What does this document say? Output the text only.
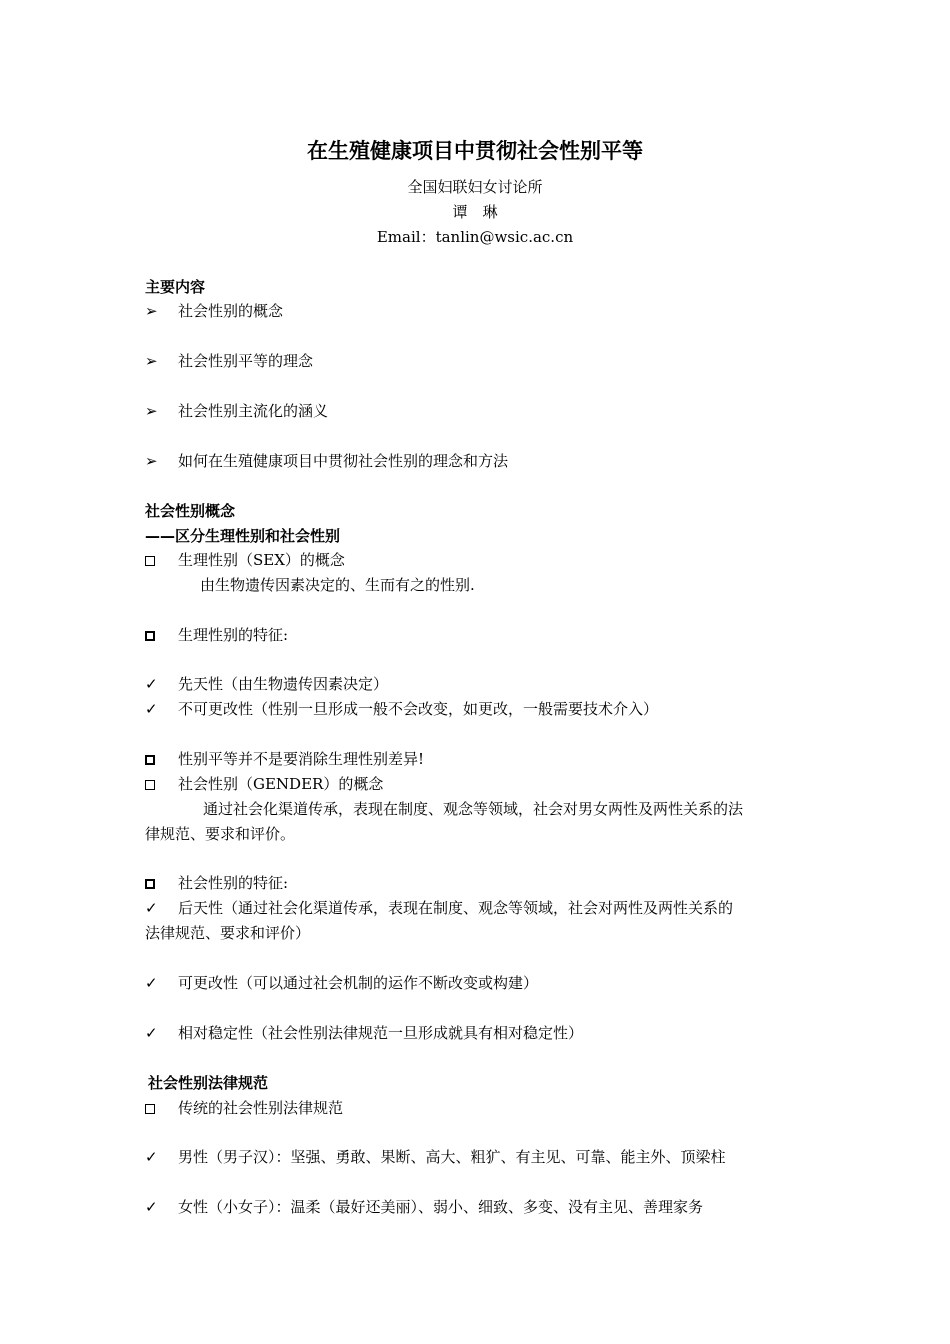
在生殖健康项目中贯彻社会性别平等
全国妇联妇女讨论所
谭　琳
Email：tanlin@wsic.ac.cn
主要内容
➢	社会性别的概念
➢	社会性别平等的理念
➢	社会性别主流化的涵义
➢	如何在生殖健康项目中贯彻社会性别的理念和方法
社会性别概念
——区分生理性别和社会性别
生理性别（SEX）的概念
由生物遗传因素决定的、生而有之的性别.
生理性别的特征:
✓	先天性（由生物遗传因素决定）
✓	不可更改性（性别一旦形成一般不会改变，如更改，一般需要技术介入）
性别平等并不是要消除生理性别差异!
社会性别（GENDER）的概念
通过社会化渠道传承，表现在制度、观念等领域，社会对男女两性及两性关系的法
律规范、要求和评价。
社会性别的特征:
✓	后天性（通过社会化渠道传承，表现在制度、观念等领域，社会对两性及两性关系的
法律规范、要求和评价）
✓	可更改性（可以通过社会机制的运作不断改变或构建）
✓	相对稳定性（社会性别法律规范一旦形成就具有相对稳定性）
社会性别法律规范
传统的社会性别法律规范
✓	男性（男子汉）：坚强、勇敢、果断、高大、粗犷、有主见、可靠、能主外、顶梁柱
✓	女性（小女子）：温柔（最好还美丽）、弱小、细致、多变、没有主见、善理家务
